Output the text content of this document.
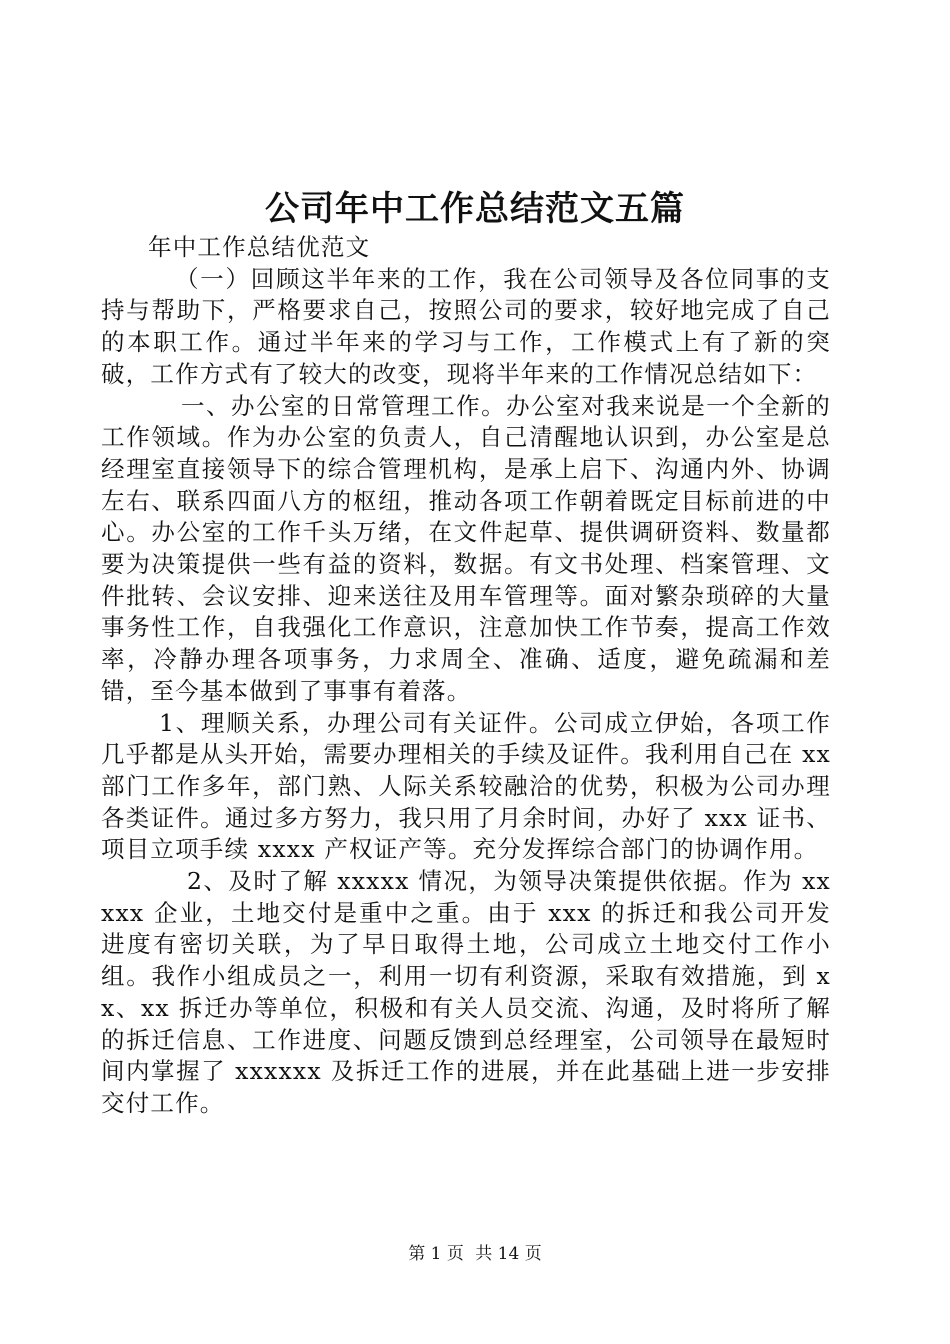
公司年中工作总结范文五篇

年中工作总结优范文

（一）回顾这半年来的工作，我在公司领导及各位同事的支持与帮助下，严格要求自己，按照公司的要求，较好地完成了自己的本职工作。通过半年来的学习与工作，工作模式上有了新的突破，工作方式有了较大的改变，现将半年来的工作情况总结如下：

一、办公室的日常管理工作。办公室对我来说是一个全新的工作领域。作为办公室的负责人，自己清醒地认识到，办公室是总经理室直接领导下的综合管理机构，是承上启下、沟通内外、协调左右、联系四面八方的枢纽，推动各项工作朝着既定目标前进的中心。办公室的工作千头万绪，在文件起草、提供调研资料、数量都要为决策提供一些有益的资料，数据。有文书处理、档案管理、文件批转、会议安排、迎来送往及用车管理等。面对繁杂琐碎的大量事务性工作，自我强化工作意识，注意加快工作节奏，提高工作效率，冷静办理各项事务，力求周全、准确、适度，避免疏漏和差错，至今基本做到了事事有着落。

1、理顺关系，办理公司有关证件。公司成立伊始，各项工作几乎都是从头开始，需要办理相关的手续及证件。我利用自己在 xx 部门工作多年，部门熟、人际关系较融洽的优势，积极为公司办理各类证件。通过多方努力，我只用了月余时间，办好了 xxx 证书、项目立项手续 xxxx 产权证产等。充分发挥综合部门的协调作用。

2、及时了解 xxxxx 情况，为领导决策提供依据。作为 xxxxx 企业，土地交付是重中之重。由于 xxx 的拆迁和我公司开发进度有密切关联，为了早日取得土地，公司成立土地交付工作小组。我作小组成员之一，利用一切有利资源，采取有效措施，到 xx、xx 拆迁办等单位，积极和有关人员交流、沟通，及时将所了解的拆迁信息、工作进度、问题反馈到总经理室，公司领导在最短时间内掌握了 xxxxxx 及拆迁工作的进展，并在此基础上进一步安排交付工作。

第 1 页 共 14 页
